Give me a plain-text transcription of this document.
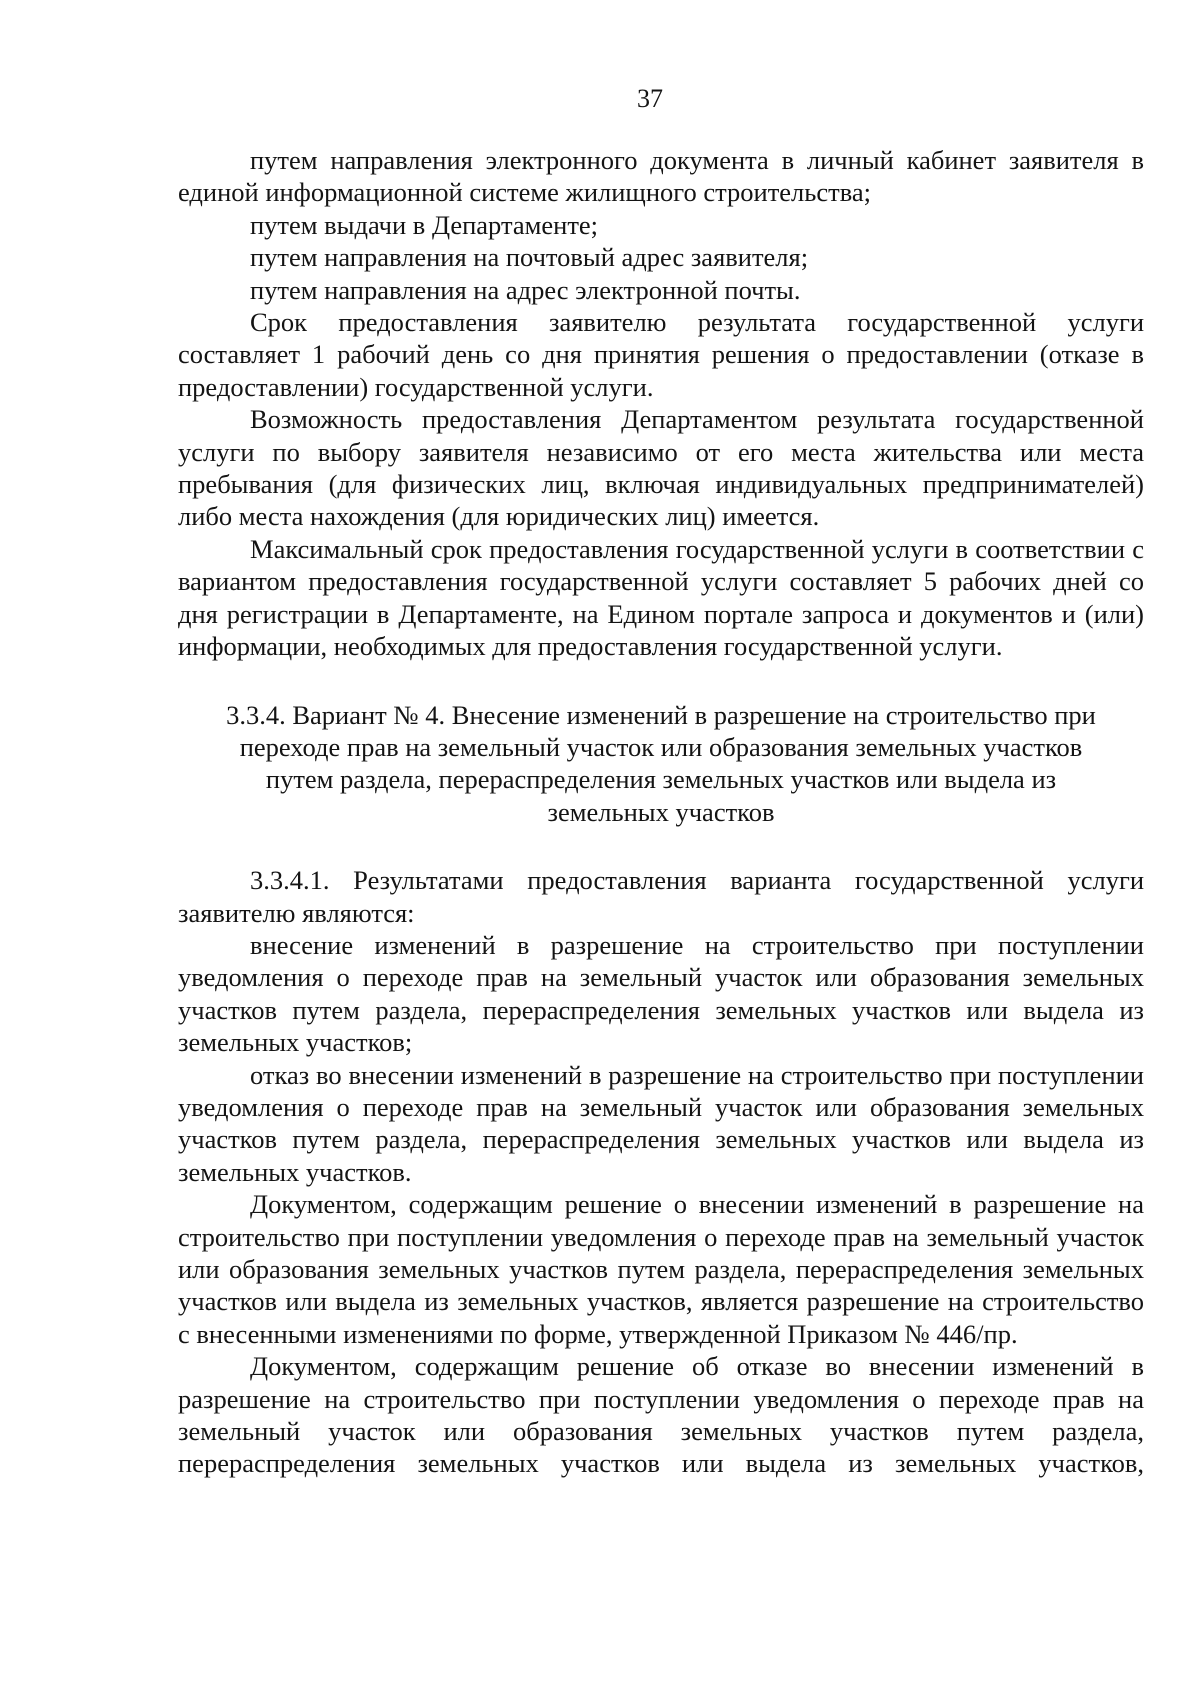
37

путем направления электронного документа в личный кабинет заявителя в единой информационной системе жилищного строительства;

путем выдачи в Департаменте;

путем направления на почтовый адрес заявителя;

путем направления на адрес электронной почты.

Срок предоставления заявителю результата государственной услуги составляет 1 рабочий день со дня принятия решения о предоставлении (отказе в предоставлении) государственной услуги.

Возможность предоставления Департаментом результата государственной услуги по выбору заявителя независимо от его места жительства или места пребывания (для физических лиц, включая индивидуальных предпринимателей) либо места нахождения (для юридических лиц) имеется.

Максимальный срок предоставления государственной услуги в соответствии с вариантом предоставления государственной услуги составляет 5 рабочих дней со дня регистрации в Департаменте, на Едином портале запроса и документов и (или) информации, необходимых для предоставления государственной услуги.

3.3.4. Вариант № 4. Внесение изменений в разрешение на строительство при
переходе прав на земельный участок или образования земельных участков
путем раздела, перераспределения земельных участков или выдела из
земельных участков

3.3.4.1. Результатами предоставления варианта государственной услуги заявителю являются:

внесение изменений в разрешение на строительство при поступлении уведомления о переходе прав на земельный участок или образования земельных участков путем раздела, перераспределения земельных участков или выдела из земельных участков;

отказ во внесении изменений в разрешение на строительство при поступлении уведомления о переходе прав на земельный участок или образования земельных участков путем раздела, перераспределения земельных участков или выдела из земельных участков.

Документом, содержащим решение о внесении изменений в разрешение на строительство при поступлении уведомления о переходе прав на земельный участок или образования земельных участков путем раздела, перераспределения земельных участков или выдела из земельных участков, является разрешение на строительство с внесенными изменениями по форме, утвержденной Приказом № 446/пр.

Документом, содержащим решение об отказе во внесении изменений в разрешение на строительство при поступлении уведомления о переходе прав на земельный участок или образования земельных участков путем раздела, перераспределения земельных участков или выдела из земельных участков,
